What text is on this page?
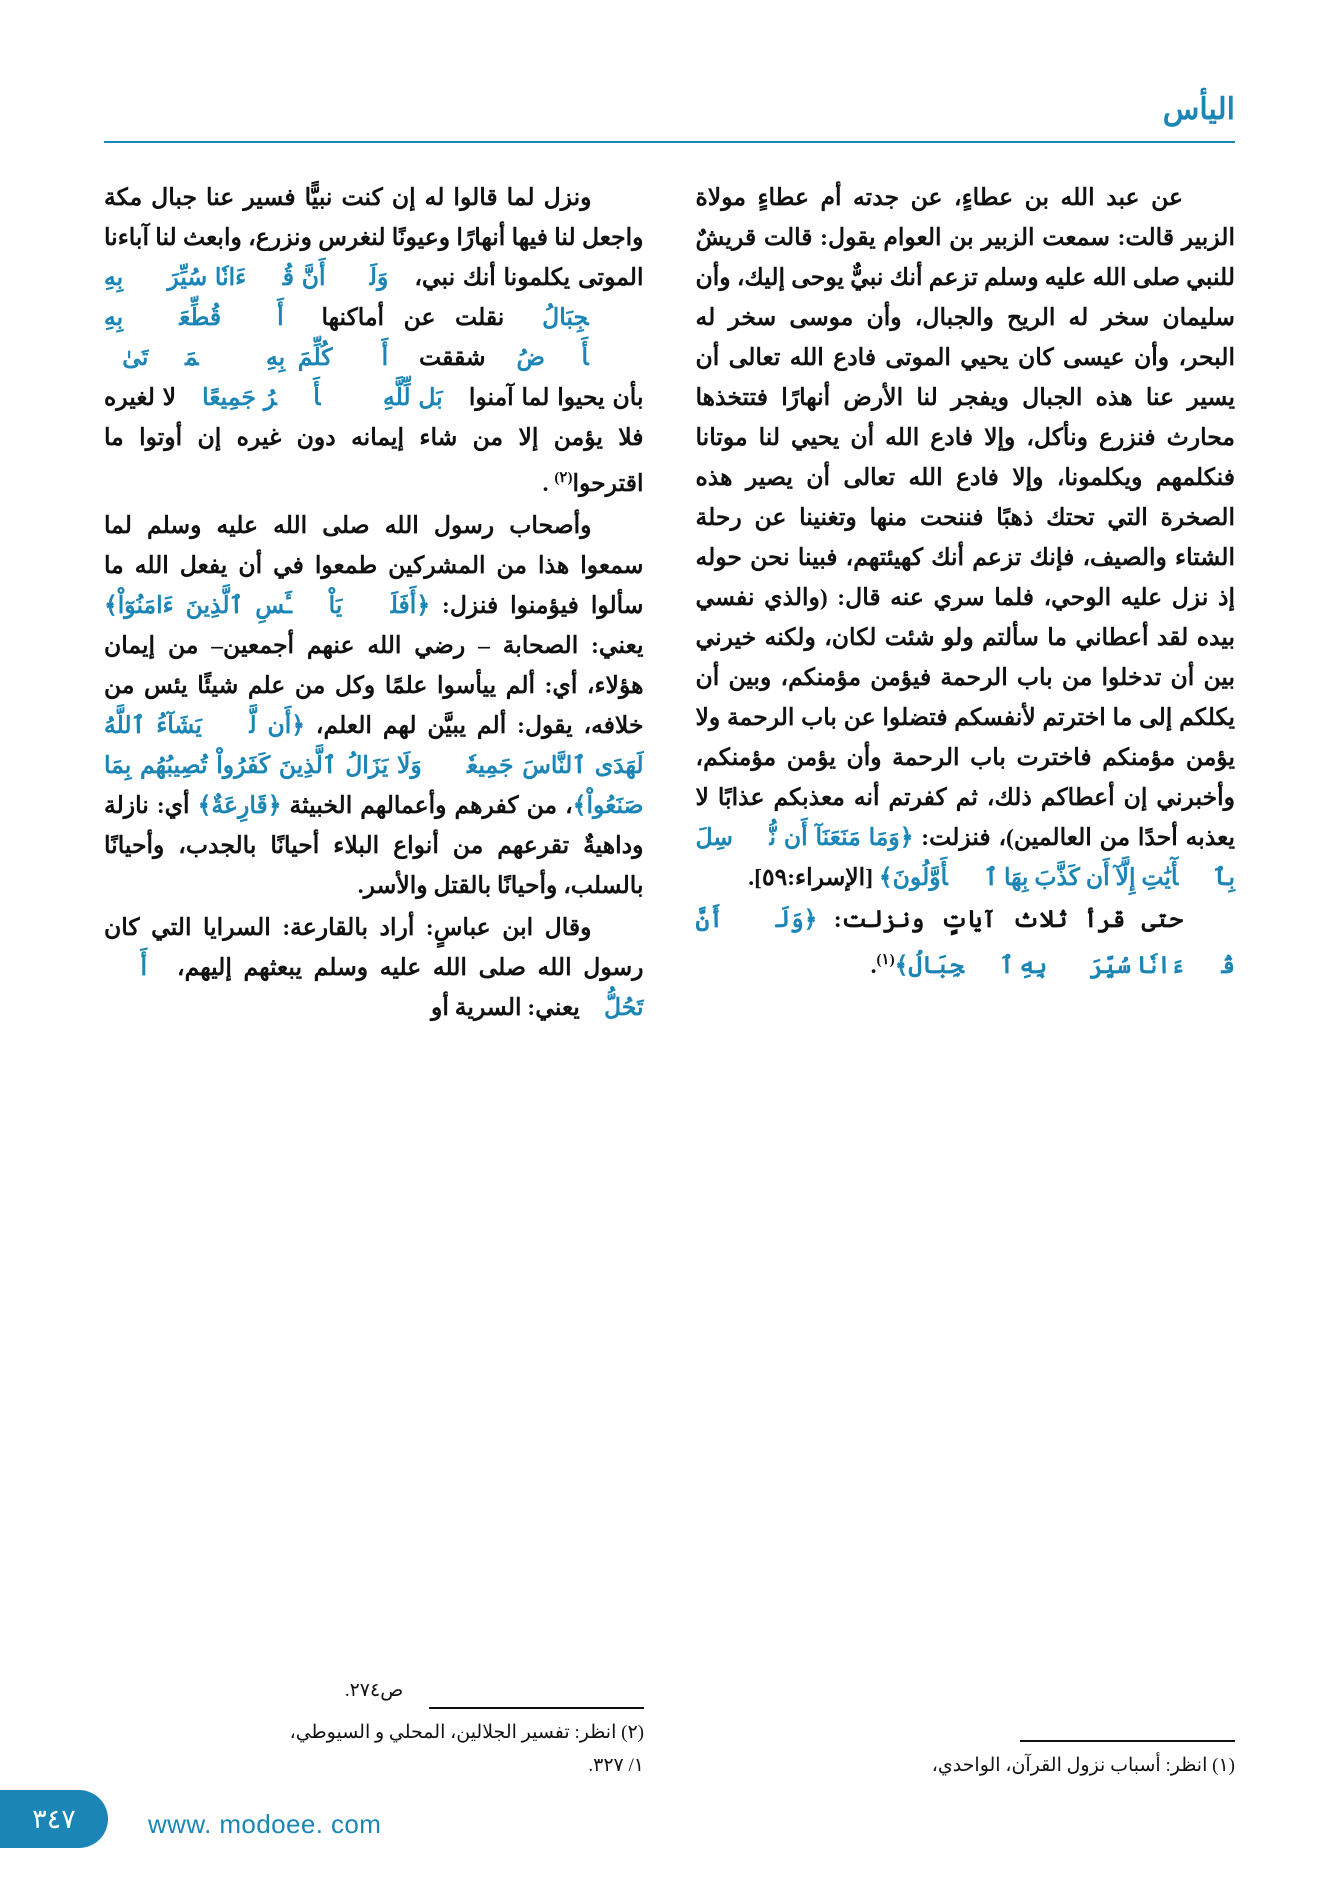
اليأس

عن عبد الله بن عطاءٍ، عن جدته أم عطاءٍ مولاة الزبير قالت: سمعت الزبير بن العوام يقول: قالت قريشٌ للنبي صلى الله عليه وسلم تزعم أنك نبيٌّ يوحى إليك، وأن سليمان سخر له الريح والجبال، وأن موسى سخر له البحر، وأن عيسى كان يحيي الموتى فادع الله تعالى أن يسير عنا هذه الجبال ويفجر لنا الأرض أنهارًا فتتخذها محارث فنزرع ونأكل، وإلا فادع الله أن يحيي لنا موتانا فنكلمهم ويكلمونا، وإلا فادع الله تعالى أن يصير هذه الصخرة التي تحتك ذهبًا فننحت منها وتغنينا عن رحلة الشتاء والصيف، فإنك تزعم أنك كهيئتهم، فبينا نحن حوله إذ نزل عليه الوحي، فلما سري عنه قال: (والذي نفسي بيده لقد أعطاني ما سألتم ولو شئت لكان، ولكنه خيرني بين أن تدخلوا من باب الرحمة فيؤمن مؤمنكم، وبين أن يكلكم إلى ما اخترتم لأنفسكم فتضلوا عن باب الرحمة ولا يؤمن مؤمنكم فاخترت باب الرحمة وأن يؤمن مؤمنكم، وأخبرني إن أعطاكم ذلك، ثم كفرتم أنه معذبكم عذابًا لا يعذبه أحدًا من العالمين)، فنزلت: ﴿وَمَا مَنَعَنَآ أَن نُّرۡسِلَ بِٱلۡأٓيَٰتِ إِلَّآ أَن كَذَّبَ بِهَا ٱلۡأَوَّلُونَ﴾ [الإسراء:٥٩].

حتى قرأ ثلاث آياتٍ ونزلت: ﴿وَلَوۡ أَنَّ قُرۡءَانٗا سُيِّرَتۡ بِهِ ٱلۡجِبَالُ﴾$^{(١)}$.

ونزل لما قالوا له إن كنت نبيًّا فسير عنا جبال مكة واجعل لنا فيها أنهارًا وعيونًا لنغرس ونزرع، وابعث لنا آباءنا الموتى يكلمونا أنك نبي، ﴿وَلَوۡ أَنَّ قُرۡءَانٗا سُيِّرَتۡ بِهِ ٱلۡجِبَالُ﴾ نقلت عن أماكنها ﴿أَوۡ قُطِّعَتۡ بِهِ ٱلۡأَرۡضُ﴾ شققت ﴿أَوۡ كُلِّمَ بِهِ ٱلۡمَوۡتَىٰ﴾ بأن يحيوا لما آمنوا ﴿بَل لِّلَّهِ ٱلۡأَمۡرُ جَمِيعًا﴾ لا لغيره فلا يؤمن إلا من شاء إيمانه دون غيره إن أوتوا ما اقترحوا$^{(٢)}$ .

وأصحاب رسول الله صلى الله عليه وسلم لما سمعوا هذا من المشركين طمعوا في أن يفعل الله ما سألوا فيؤمنوا فنزل: ﴿أَفَلَمۡ يَاْيۡـَٔسِ ٱلَّذِينَ ءَامَنُوٓاْ﴾ يعني: الصحابة – رضي الله عنهم أجمعين– من إيمان هؤلاء، أي: ألم ييأسوا علمًا وكل من علم شيئًا يئس من خلافه، يقول: ألم يبيَّن لهم العلم، ﴿أَن لَّوۡ يَشَآءُ ٱللَّهُ لَهَدَى ٱلنَّاسَ جَمِيعٗاۗ وَلَا يَزَالُ ٱلَّذِينَ كَفَرُواْ تُصِيبُهُم بِمَا صَنَعُواْ﴾، من كفرهم وأعمالهم الخبيثة ﴿قَارِعَةٌ﴾ أي: نازلة وداهيةٌ تقرعهم من أنواع البلاء أحيانًا بالجدب، وأحيانًا بالسلب، وأحيانًا بالقتل والأسر.

وقال ابن عباسٍ: أراد بالقارعة: السرايا التي كان رسول الله صلى الله عليه وسلم يبعثهم إليهم، ﴿أَوۡ تَحُلُّ﴾ يعني: السرية أو

(١) انظر: أسباب نزول القرآن، الواحدي،
ص٢٧٤.
(٢) انظر: تفسير الجلالين، المحلي و السيوطي،
١/ ٣٢٧.
٣٤٧	www. modoee. com
